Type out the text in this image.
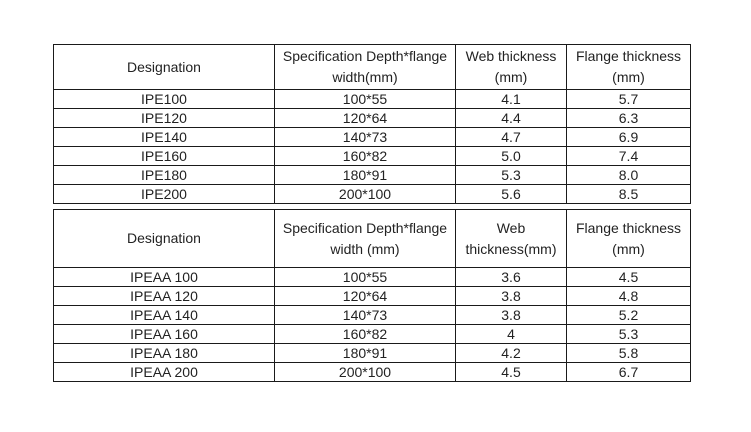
Designation	Specification Depth*flange width(mm)	Web thickness (mm)	Flange thickness (mm)
IPE100	100*55	4.1	5.7
IPE120	120*64	4.4	6.3
IPE140	140*73	4.7	6.9
IPE160	160*82	5.0	7.4
IPE180	180*91	5.3	8.0
IPE200	200*100	5.6	8.5
Designation	Specification Depth*flange width (mm)	Web thickness(mm)	Flange thickness (mm)
IPEAA 100	100*55	3.6	4.5
IPEAA 120	120*64	3.8	4.8
IPEAA 140	140*73	3.8	5.2
IPEAA 160	160*82	4	5.3
IPEAA 180	180*91	4.2	5.8
IPEAA 200	200*100	4.5	6.7
